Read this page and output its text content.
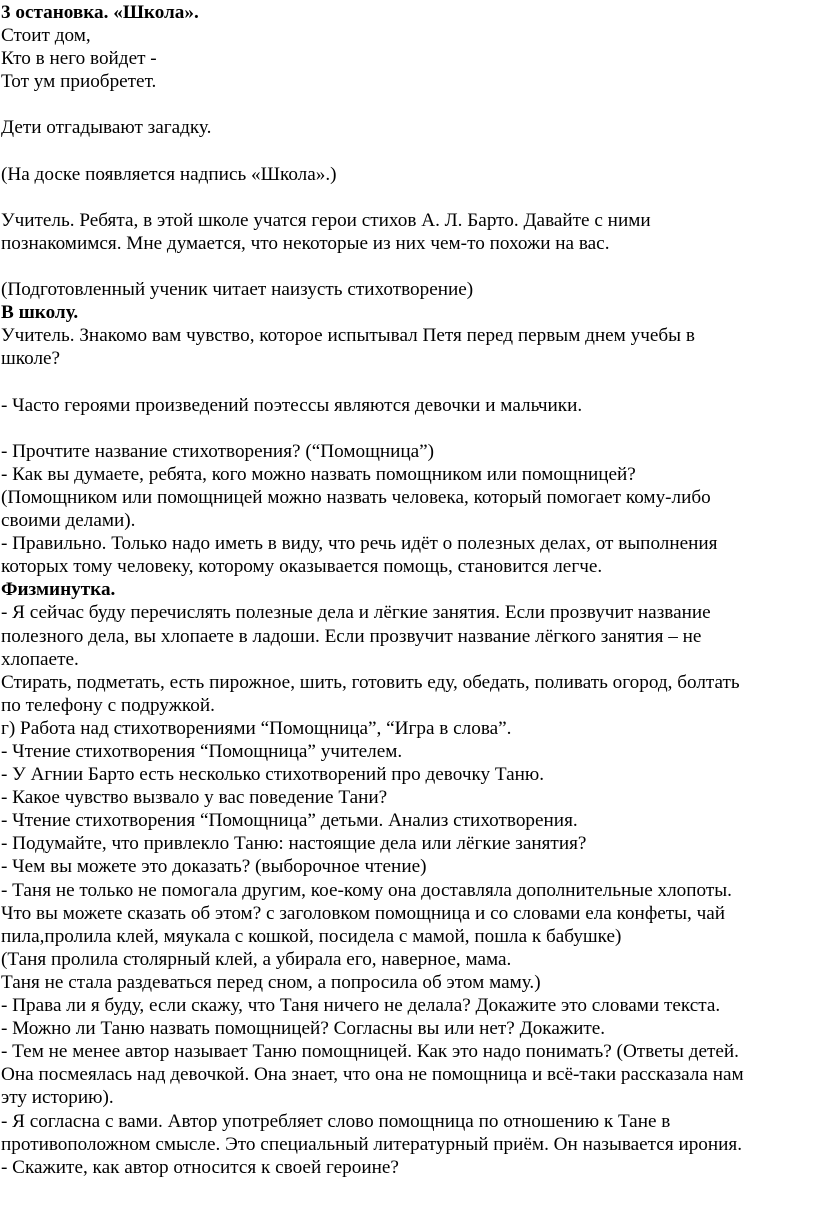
3 остановка. «Школа».
Стоит дом,
Кто в него войдет -
Тот ум приобретет.
Дети отгадывают загадку.
(На доске появляется надпись «Школа».)
Учитель. Ребята, в этой школе учатся герои стихов А. Л. Барто. Давайте с ними
познакомимся. Мне думается, что некоторые из них чем-то похожи на вас.
(Подготовленный ученик читает наизусть стихотворение)
В школу.
Учитель. Знакомо вам чувство, которое испытывал Петя перед первым днем учебы в
школе?
- Часто героями произведений поэтессы являются девочки и мальчики.
- Прочтите название стихотворения? (“Помощница”)
- Как вы думаете, ребята, кого можно назвать помощником или помощницей?
(Помощником или помощницей можно назвать человека, который помогает кому-либо
своими делами).
- Правильно. Только надо иметь в виду, что речь идёт о полезных делах, от выполнения
которых тому человеку, которому оказывается помощь, становится легче.
Физминутка.
- Я сейчас буду перечислять полезные дела и лёгкие занятия. Если прозвучит название
полезного дела, вы хлопаете в ладоши. Если прозвучит название лёгкого занятия – не
хлопаете.
Стирать, подметать, есть пирожное, шить, готовить еду, обедать, поливать огород, болтать
по телефону с подружкой.
г) Работа над стихотворениями “Помощница”, “Игра в слова”.
- Чтение стихотворения “Помощница” учителем.
- У Агнии Барто есть несколько стихотворений про девочку Таню.
- Какое чувство вызвало у вас поведение Тани?
- Чтение стихотворения “Помощница” детьми. Анализ стихотворения.
- Подумайте, что привлекло Таню: настоящие дела или лёгкие занятия?
- Чем вы можете это доказать? (выборочное чтение)
- Таня не только не помогала другим, кое-кому она доставляла дополнительные хлопоты.
Что вы можете сказать об этом? с заголовком помощница и со словами ела конфеты, чай
пила,пролила клей, мяукала с кошкой, посидела с мамой, пошла к бабушке)
(Таня пролила столярный клей, а убирала его, наверное, мама.
Таня не стала раздеваться перед сном, а попросила об этом маму.)
- Права ли я буду, если скажу, что Таня ничего не делала? Докажите это словами текста.
- Можно ли Таню назвать помощницей? Согласны вы или нет? Докажите.
- Тем не менее автор называет Таню помощницей. Как это надо понимать? (Ответы детей.
Она посмеялась над девочкой. Она знает, что она не помощница и всё-таки рассказала нам
эту историю).
- Я согласна с вами. Автор употребляет слово помощница по отношению к Тане в
противоположном смысле. Это специальный литературный приём. Он называется ирония.
- Скажите, как автор относится к своей героине?
